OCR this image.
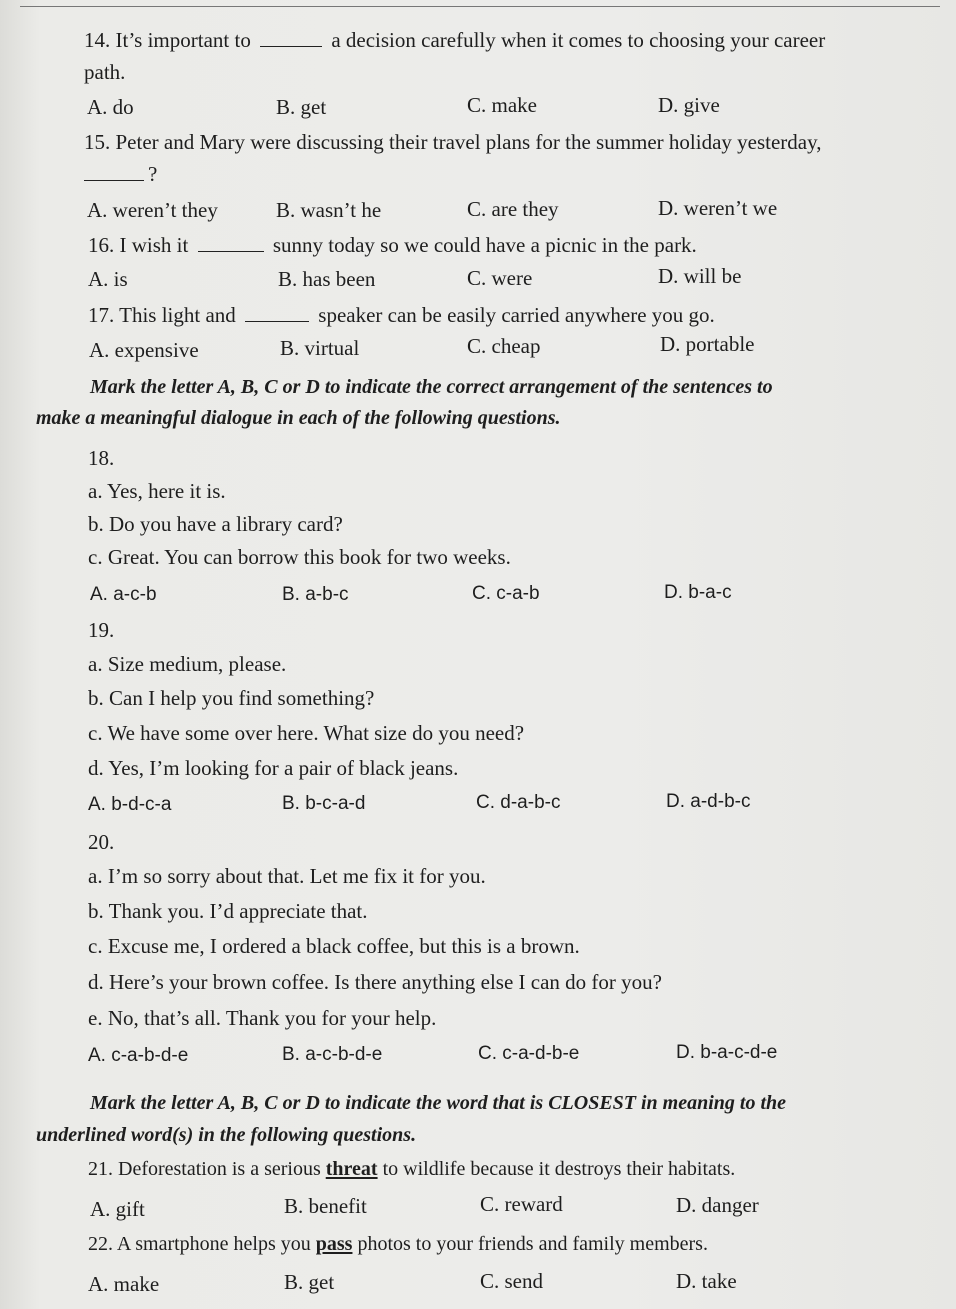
14. It’s important to	a decision carefully when it comes to choosing your career
path.
A. do	B. get	C. make	D. give
15. Peter and Mary were discussing their travel plans for the summer holiday yesterday,
?
A. weren’t they	B. wasn’t he	C. are they	D. weren’t we
16. I wish it	sunny today so we could have a picnic in the park.
A. is	B. has been	C. were	D. will be
17. This light and	speaker can be easily carried anywhere you go.
A. expensive	B. virtual	C. cheap	D. portable
Mark the letter A, B, C or D to indicate the correct arrangement of the sentences to
make a meaningful dialogue in each of the following questions.
18.
a. Yes, here it is.
b. Do you have a library card?
c. Great. You can borrow this book for two weeks.
A. a-c-b	B. a-b-c	C. c-a-b	D. b-a-c
19.
a. Size medium, please.
b. Can I help you find something?
c. We have some over here. What size do you need?
d. Yes, I’m looking for a pair of black jeans.
A. b-d-c-a	B. b-c-a-d	C. d-a-b-c	D. a-d-b-c
20.
a. I’m so sorry about that. Let me fix it for you.
b. Thank you. I’d appreciate that.
c. Excuse me, I ordered a black coffee, but this is a brown.
d. Here’s your brown coffee. Is there anything else I can do for you?
e. No, that’s all. Thank you for your help.
A. c-a-b-d-e	B. a-c-b-d-e	C. c-a-d-b-e	D. b-a-c-d-e
Mark the letter A, B, C or D to indicate the word that is CLOSEST in meaning to the
underlined word(s) in the following questions.
21. Deforestation is a serious threat to wildlife because it destroys their habitats.
A. gift	B. benefit	C. reward	D. danger
22. A smartphone helps you pass photos to your friends and family members.
A. make	B. get	C. send	D. take
